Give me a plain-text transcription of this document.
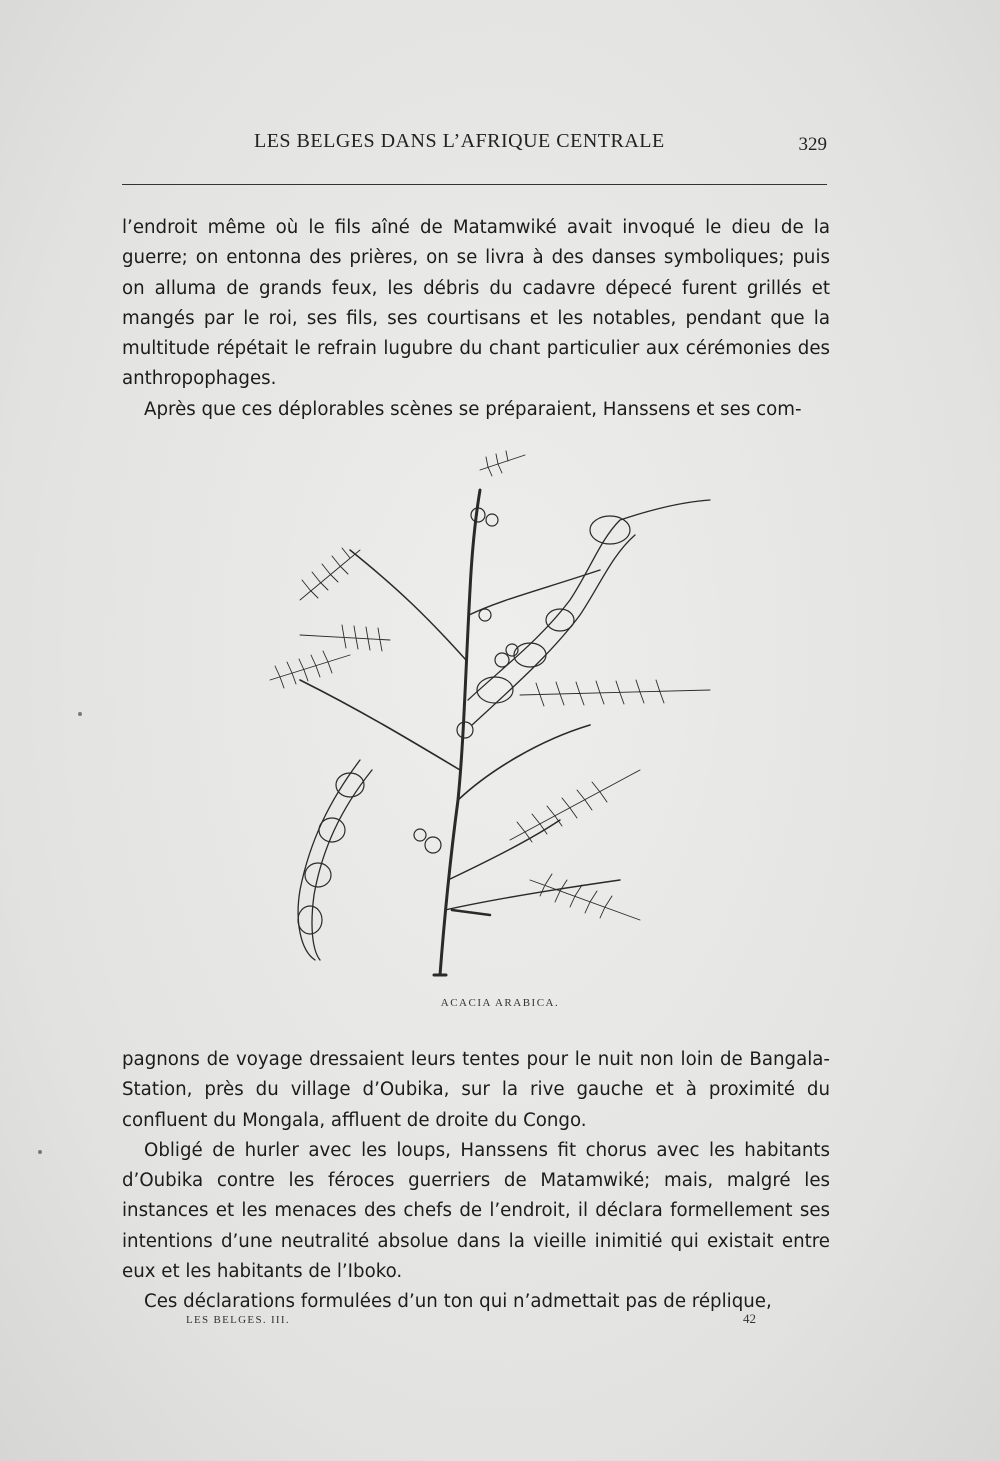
LES BELGES DANS L’AFRIQUE CENTRALE	329

l’endroit même où le fils aîné de Matamwiké avait invoqué le dieu de la guerre; on entonna des prières, on se livra à des danses symboliques; puis on alluma de grands feux, les débris du cadavre dépecé furent grillés et mangés par le roi, ses fils, ses courtisans et les notables, pendant que la multitude répétait le refrain lugubre du chant particulier aux cérémonies des anthropophages.

Après que ces déplorables scènes se préparaient, Hanssens et ses com-

ACACIA ARABICA.

pagnons de voyage dressaient leurs tentes pour le nuit non loin de Bangala-Station, près du village d’Oubika, sur la rive gauche et à proximité du confluent du Mongala, affluent de droite du Congo.

Obligé de hurler avec les loups, Hanssens fit chorus avec les habitants d’Oubika contre les féroces guerriers de Matamwiké; mais, malgré les instances et les menaces des chefs de l’endroit, il déclara formellement ses intentions d’une neutralité absolue dans la vieille inimitié qui existait entre eux et les habitants de l’Iboko.

Ces déclarations formulées d’un ton qui n’admettait pas de réplique,

LES BELGES. III.	42
